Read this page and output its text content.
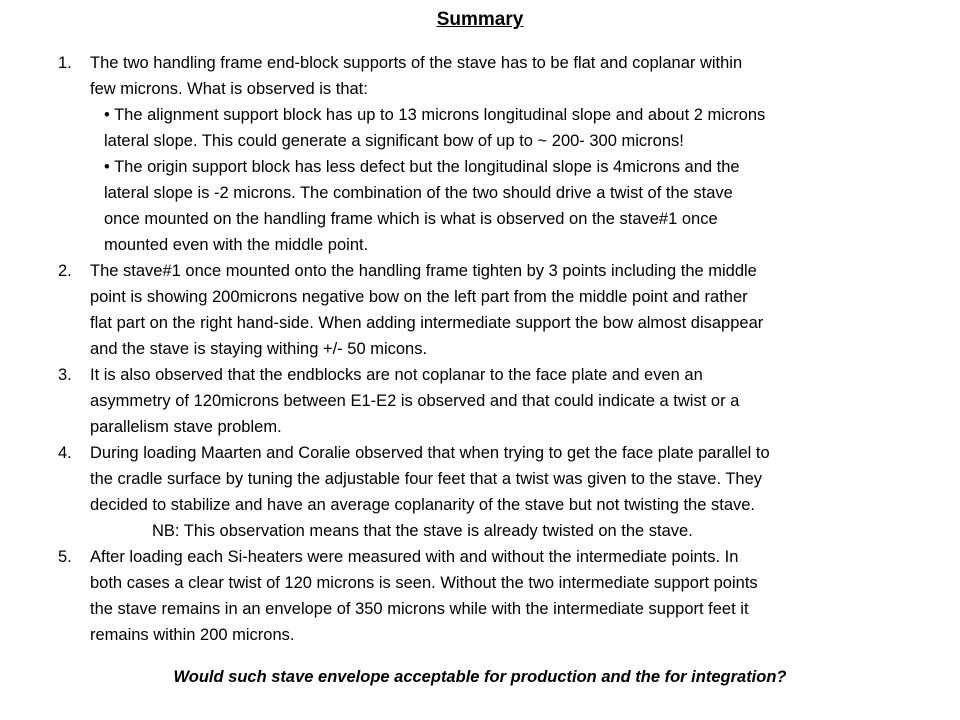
Summary
1. The two handling frame end-block supports of the stave has to be flat and coplanar within
few microns. What is observed is that:
• The alignment support block has up to 13 microns longitudinal slope and about 2 microns
lateral slope. This could generate a significant bow of up to ~ 200- 300 microns!
• The origin support block has less defect but the longitudinal slope is 4microns and the
lateral slope is -2 microns. The combination of the two should drive a twist of the stave
once mounted on the handling frame which is what is observed on the stave#1 once
mounted even with the middle point.
2. The stave#1 once mounted onto the handling frame tighten by 3 points including the middle
point is showing 200microns negative bow on the left part from the middle point and rather
flat part on the right hand-side. When adding intermediate support the bow almost disappear
and the stave is staying withing +/- 50 micons.
3. It is also observed that the endblocks are not coplanar to the face plate and even an
asymmetry of 120microns between E1-E2 is observed and that could indicate a twist or a
parallelism stave problem.
4. During loading Maarten and Coralie observed that when trying to get the face plate parallel to
the cradle surface by tuning the adjustable four feet that a twist was given to the stave. They
decided to stabilize and have an average coplanarity of the stave but not twisting the stave.
NB: This observation means that the stave is already twisted on the stave.
5. After loading each Si-heaters were measured with and without the intermediate points. In
both cases a clear twist of 120 microns is seen. Without the two intermediate support points
the stave remains in an envelope of 350 microns while with the intermediate support feet it
remains within 200 microns.
Would such stave envelope acceptable for production and the for integration?
